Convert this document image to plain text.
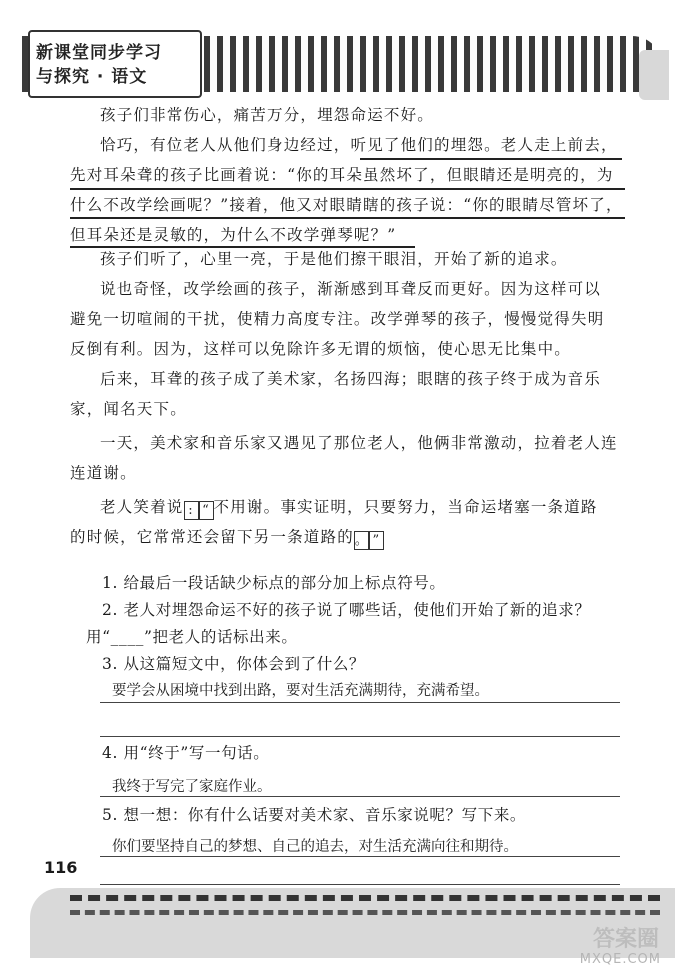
新课堂同步学习
与探究 · 语文

孩子们非常伤心，痛苦万分，埋怨命运不好。

恰巧，有位老人从他们身边经过，听见了他们的埋怨。老人走上前去，

先对耳朵聋的孩子比画着说：“你的耳朵虽然坏了，但眼睛还是明亮的，为

什么不改学绘画呢？”接着，他又对眼睛瞎的孩子说：“你的眼睛尽管坏了，

但耳朵还是灵敏的，为什么不改学弹琴呢？”

孩子们听了，心里一亮，于是他们擦干眼泪，开始了新的追求。

说也奇怪，改学绘画的孩子，渐渐感到耳聋反而更好。因为这样可以

避免一切喧闹的干扰，使精力高度专注。改学弹琴的孩子，慢慢觉得失明

反倒有利。因为，这样可以免除许多无谓的烦恼，使心思无比集中。

后来，耳聋的孩子成了美术家，名扬四海；眼瞎的孩子终于成为音乐

家，闻名天下。

一天，美术家和音乐家又遇见了那位老人，他俩非常激动，拉着老人连

连道谢。

老人笑着说 : “ 不用谢。事实证明，只要努力，当命运堵塞一条道路

的时候，它常常还会留下另一条道路的。 ”

1. 给最后一段话缺少标点的部分加上标点符号。
2. 老人对埋怨命运不好的孩子说了哪些话，使他们开始了新的追求？
用“____”把老人的话标出来。
3. 从这篇短文中，你体会到了什么？
要学会从困境中找到出路，要对生活充满期待，充满希望。
4. 用“终于”写一句话。
我终于写完了家庭作业。
5. 想一想：你有什么话要对美术家、音乐家说呢？写下来。
你们要坚持自己的梦想、自己的追去，对生活充满向往和期待。
116
答案圈
MXQE.COM
